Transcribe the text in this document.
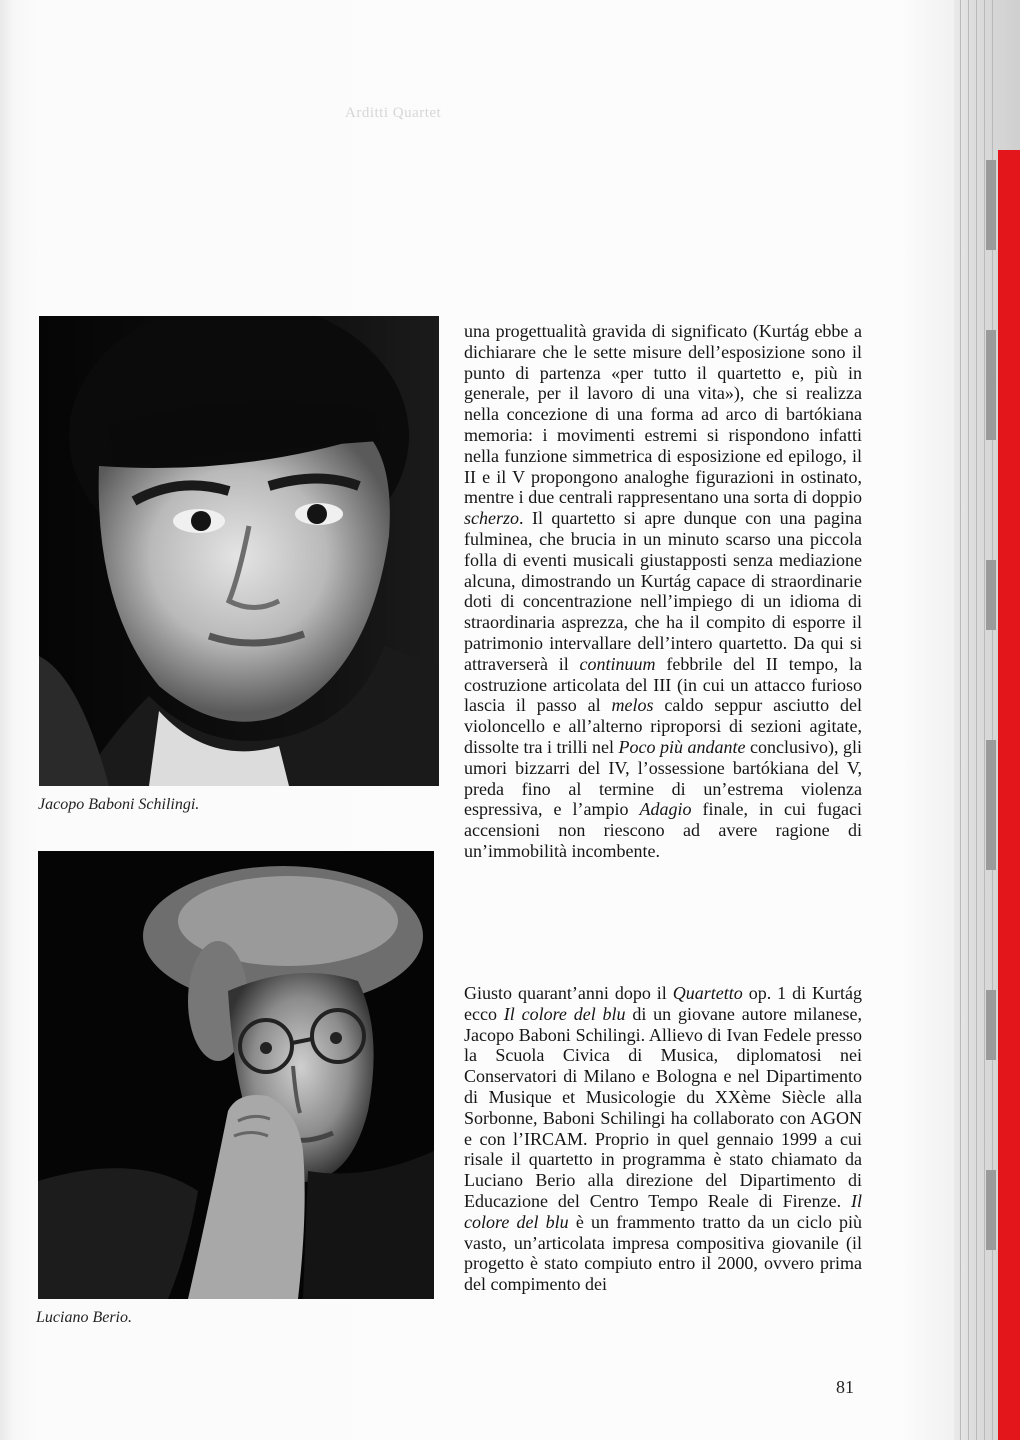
Arditti Quartet
Jacopo Baboni Schilingi.
Luciano Berio.

una progettualità gravida di significato (Kurtág ebbe a dichiarare che le sette misure dell’esposizione sono il punto di partenza «per tutto il quartetto e, più in generale, per il lavoro di una vita»), che si realizza nella concezione di una forma ad arco di bartókiana memoria: i movimenti estremi si rispondono infatti nella funzione simmetrica di esposizione ed epilogo, il II e il V propongono analoghe figurazioni in ostinato, mentre i due centrali rappresentano una sorta di doppio scherzo. Il quartetto si apre dunque con una pagina fulminea, che brucia in un minuto scarso una piccola folla di eventi musicali giustapposti senza mediazione alcuna, dimostrando un Kurtág capace di straordinarie doti di concentrazione nell’impiego di un idioma di straordinaria asprezza, che ha il compito di esporre il patrimonio intervallare dell’intero quartetto. Da qui si attraverserà il continuum febbrile del II tempo, la costruzione articolata del III (in cui un attacco furioso lascia il passo al melos caldo seppur asciutto del violoncello e all’alterno riproporsi di sezioni agitate, dissolte tra i trilli nel Poco più andante conclusivo), gli umori bizzarri del IV, l’ossessione bartókiana del V, preda fino al termine di un’estrema violenza espressiva, e l’ampio Adagio finale, in cui fugaci accensioni non riescono ad avere ragione di un’immobilità incombente.

Giusto quarant’anni dopo il Quartetto op. 1 di Kurtág ecco Il colore del blu di un giovane autore milanese, Jacopo Baboni Schilingi. Allievo di Ivan Fedele presso la Scuola Civica di Musica, diplomatosi nei Conservatori di Milano e Bologna e nel Dipartimento di Musique et Musicologie du XXème Siècle alla Sorbonne, Baboni Schilingi ha collaborato con AGON e con l’IRCAM. Proprio in quel gennaio 1999 a cui risale il quartetto in programma è stato chiamato da Luciano Berio alla direzione del Dipartimento di Educazione del Centro Tempo Reale di Firenze. Il colore del blu è un frammento tratto da un ciclo più vasto, un’articolata impresa compositiva giovanile (il progetto è stato compiuto entro il 2000, ovvero prima del compimento dei

81
